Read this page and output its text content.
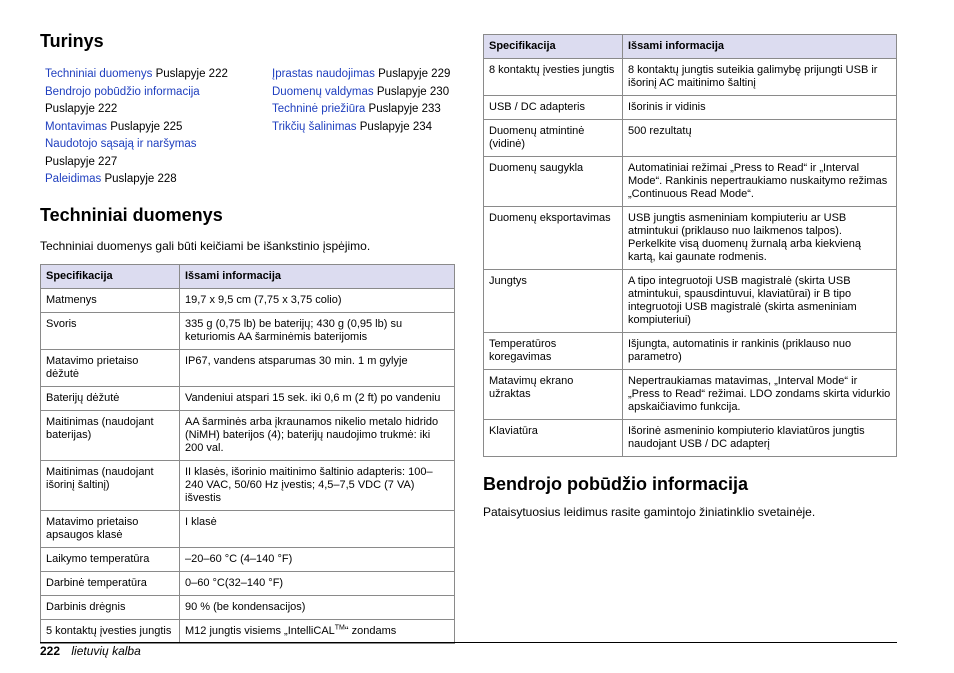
Turinys
Techniniai duomenys Puslapyje 222
Bendrojo pobūdžio informacija
Puslapyje 222
Montavimas Puslapyje 225
Naudotojo sąsają ir naršymas
Puslapyje 227
Paleidimas Puslapyje 228
Įprastas naudojimas Puslapyje 229
Duomenų valdymas Puslapyje 230
Techninė priežiūra Puslapyje 233
Trikčių šalinimas Puslapyje 234
Techniniai duomenys

Techniniai duomenys gali būti keičiami be išankstinio įspėjimo.

Specifikacija	Išsami informacija
Matmenys	19,7 x 9,5 cm (7,75 x 3,75 colio)
Svoris	335 g (0,75 lb) be baterijų; 430 g (0,95 lb) su keturiomis AA šarminėmis baterijomis
Matavimo prietaiso dėžutė	IP67, vandens atsparumas 30 min. 1 m gylyje
Baterijų dėžutė	Vandeniui atspari 15 sek. iki 0,6 m (2 ft) po vandeniu
Maitinimas (naudojant baterijas)	AA šarminės arba įkraunamos nikelio metalo hidrido (NiMH) baterijos (4); baterijų naudojimo trukmė: iki 200 val.
Maitinimas (naudojant išorinį šaltinį)	II klasės, išorinio maitinimo šaltinio adapteris: 100–240 VAC, 50/60 Hz įvestis; 4,5–7,5 VDC (7 VA) išvestis
Matavimo prietaiso apsaugos klasė	I klasė
Laikymo temperatūra	–20–60 °C (4–140 °F)
Darbinė temperatūra	0–60 °C(32–140 °F)
Darbinis drėgnis	90 % (be kondensacijos)
5 kontaktų įvesties jungtis	M12 jungtis visiems „IntelliCAL™“ zondams
Specifikacija	Išsami informacija
8 kontaktų įvesties jungtis	8 kontaktų jungtis suteikia galimybę prijungti USB ir išorinį AC maitinimo šaltinį
USB / DC adapteris	Išorinis ir vidinis
Duomenų atmintinė (vidinė)	500 rezultatų
Duomenų saugykla	Automatiniai režimai „Press to Read“ ir „Interval Mode“. Rankinis nepertraukiamo nuskaitymo režimas „Continuous Read Mode“.
Duomenų eksportavimas	USB jungtis asmeniniam kompiuteriu ar USB atmintukui (priklauso nuo laikmenos talpos). Perkelkite visą duomenų žurnalą arba kiekvieną kartą, kai gaunate rodmenis.
Jungtys	A tipo integruotoji USB magistralė (skirta USB atmintukui, spausdintuvui, klaviatūrai) ir B tipo integruotoji USB magistralė (skirta asmeniniam kompiuteriui)
Temperatūros koregavimas	Išjungta, automatinis ir rankinis (priklauso nuo parametro)
Matavimų ekrano užraktas	Nepertraukiamas matavimas, „Interval Mode“ ir „Press to Read“ režimai. LDO zondams skirta vidurkio apskaičiavimo funkcija.
Klaviatūra	Išorinė asmeninio kompiuterio klaviatūros jungtis naudojant USB / DC adapterį
Bendrojo pobūdžio informacija

Pataisytuosius leidimus rasite gamintojo žiniatinklio svetainėje.

222 lietuvių kalba
